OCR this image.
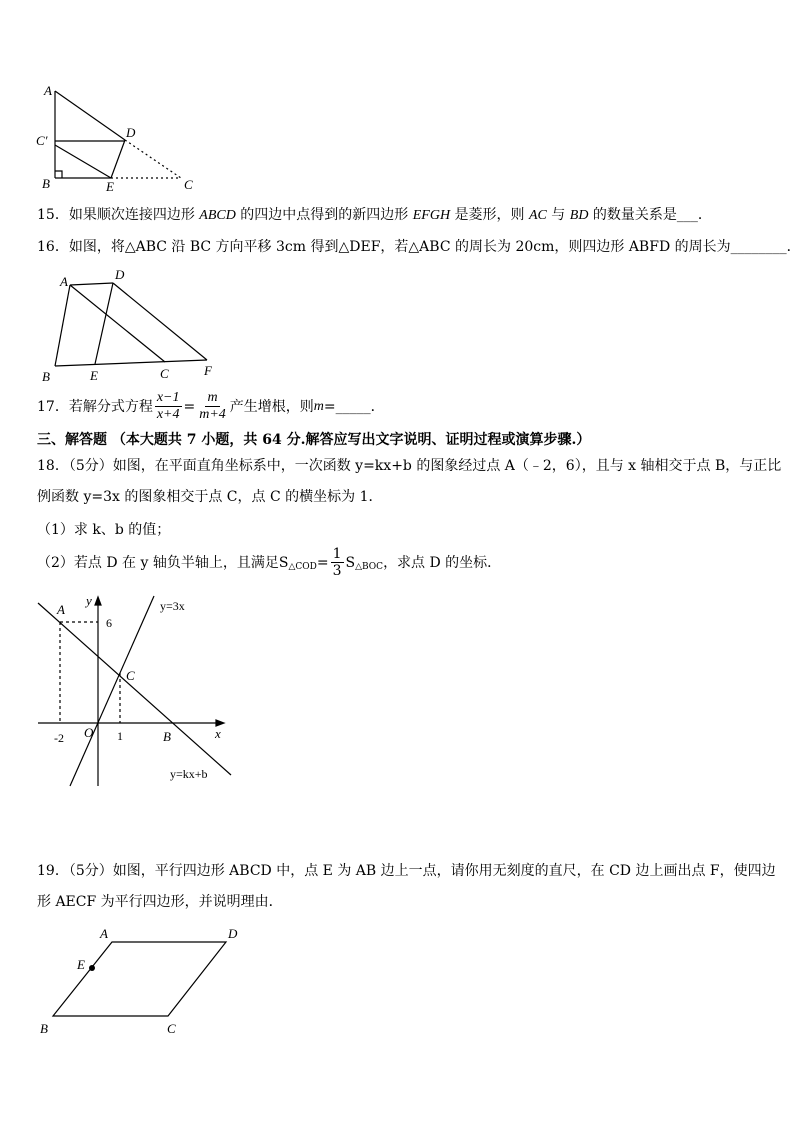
A
C′
D
B	E	C
15．如果顺次连接四边形 ABCD 的四边中点得到的新四边形 EFGH 是菱形，则 AC 与 BD 的数量关系是___．
16．如图，将△ABC 沿 BC 方向平移 3cm 得到△DEF，若△ABC 的周长为 20cm，则四边形 ABFD 的周长为________．
A	D
B	E	C	F
17．若解分式方程 $\frac{x-1}{x+4} = \frac{m}{m+4}$ 产生增根，则 m = _____ ．
三、解答题 （本大题共 7 小题，共 64 分.解答应写出文字说明、证明过程或演算步骤.）
18．（5分）如图，在平面直角坐标系中，一次函数 y=kx+b 的图象经过点 A（﹣2，6），且与 x 轴相交于点 B，与正比
例函数 y=3x 的图象相交于点 C，点 C 的横坐标为 1．
（1）求 k、b 的值；
（2）若点 D 在 y 轴负半轴上，且满足 S △COD = $\frac{1}{3}$ S △BOC ，求点 D 的坐标．
A
y	y=3x
6
C
O	x
-2	1	B
y=kx+b
19．（5分）如图，平行四边形 ABCD 中，点 E 为 AB 边上一点，请你用无刻度的直尺，在 CD 边上画出点 F，使四边
形 AECF 为平行四边形，并说明理由．
A	D
E
B	C
